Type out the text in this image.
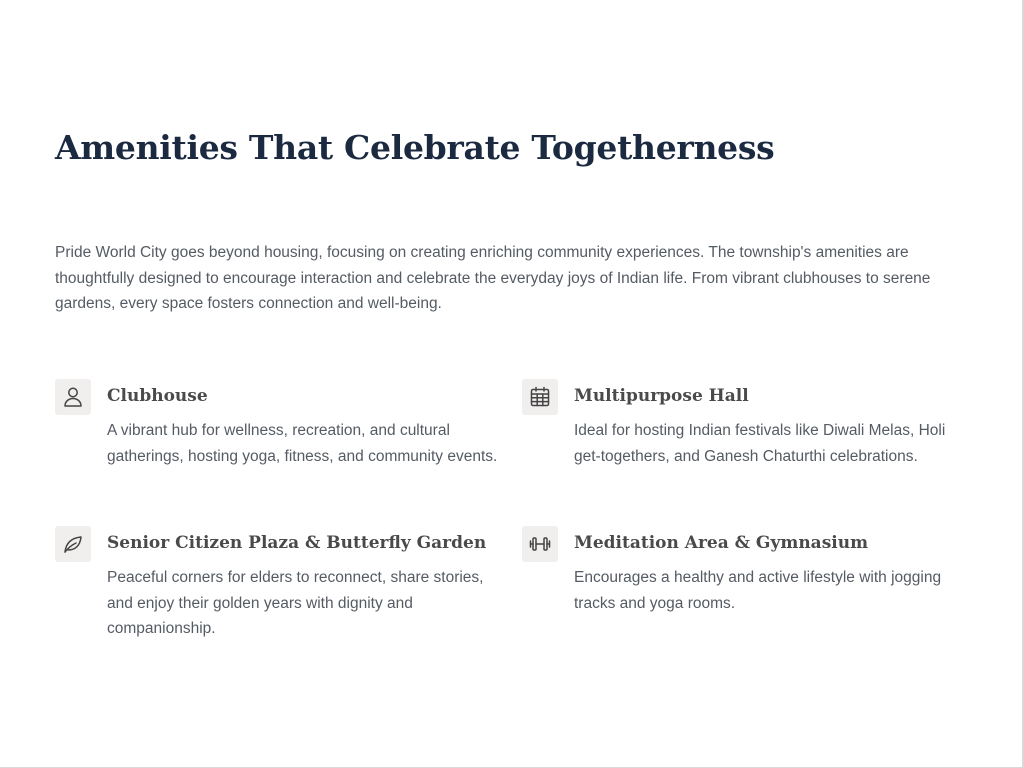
Amenities That Celebrate Togetherness

Pride World City goes beyond housing, focusing on creating enriching community experiences. The township's amenities are thoughtfully designed to encourage interaction and celebrate the everyday joys of Indian life. From vibrant clubhouses to serene gardens, every space fosters connection and well-being.

Clubhouse

A vibrant hub for wellness, recreation, and cultural gatherings, hosting yoga, fitness, and community events.

Multipurpose Hall

Ideal for hosting Indian festivals like Diwali Melas, Holi get-togethers, and Ganesh Chaturthi celebrations.

Senior Citizen Plaza & Butterfly Garden

Peaceful corners for elders to reconnect, share stories, and enjoy their golden years with dignity and companionship.

Meditation Area & Gymnasium

Encourages a healthy and active lifestyle with jogging tracks and yoga rooms.
